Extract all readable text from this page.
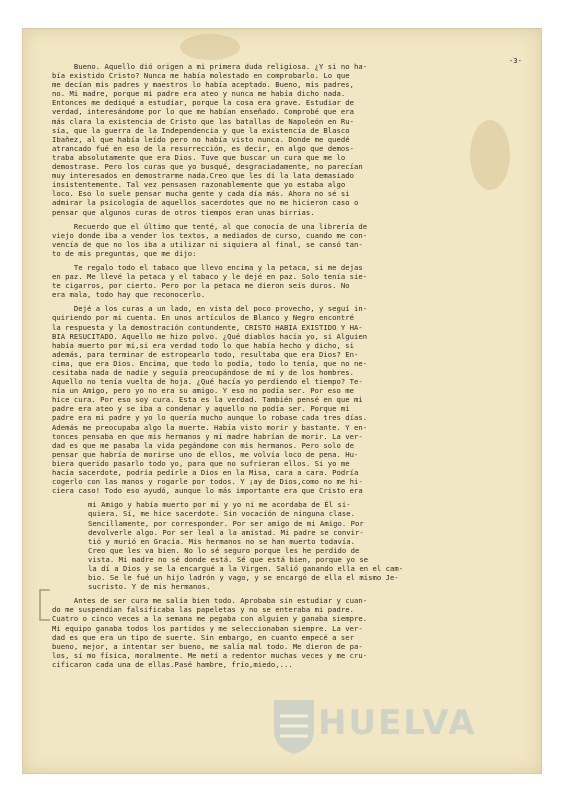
-3-
Bueno. Aquello dió origen a mi primera duda religiosa. ¿Y si no ha-
bía existido Cristo? Nunca me había molestado en comprobarlo. Lo que
me decían mis padres y maestros lo había aceptado. Bueno, mis padres,
no. Mi madre, porque mi padre era ateo y nunca me había dicho nada.
Entonces me dediqué a estudiar, porque la cosa era grave. Estudiar de
verdad, interesándome por lo que me habían enseñado. Comprobé que era
más clara la existencia de Cristo que las batallas de Napoleón en Ru-
sia, que la guerra de la Independencia y que la existencia de Blasco
Ibañez, al que había leído pero no había visto nunca. Donde me quedé
atrancado fué en eso de la resurrección, es decir, en algo que demos-
traba absolutamente que era Dios. Tuve que buscar un cura que me lo
demostrase. Pero los curas que yo busqué, desgraciadamente, no parecían
muy interesados en demostrarme nada.Creo que les di la lata demasiado
insistentemente. Tal vez pensasen razonablemente que yo estaba algo
loco. Eso lo suele pensar mucha gente y cada día más. Ahora no sé si
admirar la psicología de aquellos sacerdotes que no me hicieron caso o
pensar que algunos curas de otros tiempos eran unas birrias.
Recuerdo que el último que tenté, al que conocía de una librería de
viejo donde iba a vender los textos, a mediados de curso, cuando me con-
vencía de que no los iba a utilizar ni siquiera al final, se cansó tan-
to de mis preguntas, que me dijo:
Te regalo todo el tabaco que llevo encima y la petaca, si me dejas
en paz. Me llevé la petaca y el tabaco y le dejé en paz. Solo tenía sie-
te cigarros, por cierto. Pero por la petaca me dieron seis duros. No
era mala, todo hay que reconocerlo.
Dejé a los curas a un lado, en vista del poco provecho, y seguí in-
quiriendo por mi cuenta. En unos artículos de Blanco y Negro encontré
la respuesta y la demostración contundente, CRISTO HABIA EXISTIDO Y HA-
BIA RESUCITADO. Aquello me hizo polvo. ¿Qué diablos hacía yo, si Alguien
había muerto por mí,si era verdad todo lo que había hecho y dicho, si
además, para terminar de estropearlo todo, resultaba que era Dios? En-
cima, que era Dios. Encima, que todo lo podía, todo lo tenía, que no ne-
cesitaba nada de nadie y seguía preocupándose de mí y de los hombres.
Aquello no tenía vuelta de hoja. ¿Qué hacía yo perdiendo el tiempo? Te-
nía un Amigo, pero yo no era su amigo. Y eso no podía ser. Por eso me
hice cura. Por eso soy cura. Esta es la verdad. También pensé en que mi
padre era ateo y se iba a condenar y aquello no podía ser. Porque mi
padre era mi padre y yo lo quería mucho aunque lo robase cada tres días.
Además me preocupaba algo la muerte. Había visto morir y bastante. Y en-
tonces pensaba en que mis hermanos y mi madre habrían de morir. La ver-
dad es que me pasaba la vida pegándome con mis hermanos. Pero solo de
pensar que habría de morirse uno de ellos, me volvía loco de pena. Hu-
biera querido pasarlo todo yo, para que no sufrieran ellos. Si yo me
hacía sacerdote, podría pedirle a Dios en la Misa, cara a cara. Podría
cogerlo con las manos y rogarle por todos. Y ¡ay de Dios,como no me hi-
ciera caso! Todo eso ayudó, aunque lo más importante era que Cristo era
mi Amigo y había muerto por mí y yo ni me acordaba de Él si-
quiera. Sí, me hice sacerdote. Sin vocación de ninguna clase.
Sencillamente, por corresponder. Por ser amigo de mi Amigo. Por
devolverle algo. Por ser leal a la amistad. Mi padre se convir-
tió y murió en Gracia. Mis hermanos no se han muerto todavía.
Creo que les va bien. No lo sé seguro porque les he perdido de
vista. Mi madre no sé donde está. Sé que está bien, porque yo se
la dí a Dios y se la encargué a la Virgen. Salió ganando ella en el cam-
bio. Se le fué un hijo ladrón y vago, y se encargó de ella el mismo Je-
sucristo. Y de mis hermanos.
Antes de ser cura me salía bien todo. Aprobaba sin estudiar y cuan-
do me suspendían falsificaba las papeletas y no se enteraba mi padre.
Cuatro o cinco veces a la semana me pegaba con alguien y ganaba siempre.
Mi equipo ganaba todos los partidos y me seleccionaban siempre. La ver-
dad es que era un tipo de suerte. Sin embargo, en cuanto empecé a ser
bueno, mejor, a intentar ser bueno, me salía mal todo. Me dieron de pa-
los, sí mo física, moralmente. Me metí a redentor muchas veces y me cru-
cificaron cada una de ellas.Pasé hambre, frío,miedo,...
HUELVA
